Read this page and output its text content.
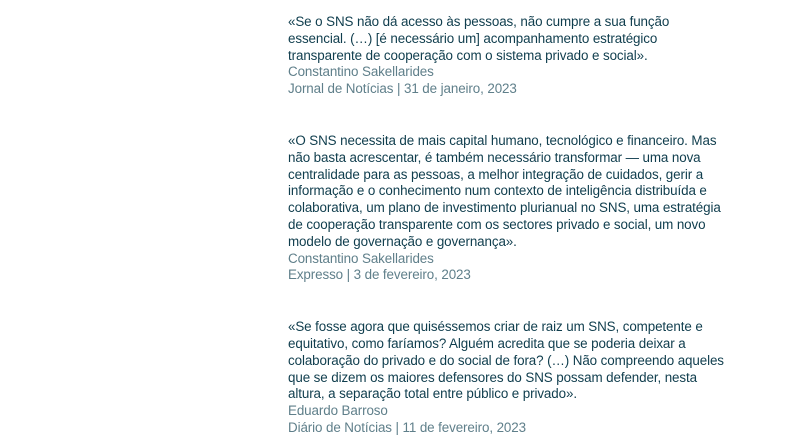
«Se o SNS não dá acesso às pessoas, não cumpre a sua função essencial. (…) [é necessário um] acompanhamento estratégico transparente de cooperação com o sistema privado e social».

Constantino Sakellarides

Jornal de Notícias | 31 de janeiro, 2023

«O SNS necessita de mais capital humano, tecnológico e financeiro. Mas não basta acrescentar, é também necessário transformar — uma nova centralidade para as pessoas, a melhor integração de cuidados, gerir a informação e o conhecimento num contexto de inteligência distribuída e colaborativa, um plano de investimento plurianual no SNS, uma estratégia de cooperação transparente com os sectores privado e social, um novo modelo de governação e governança».

Constantino Sakellarides

Expresso | 3 de fevereiro, 2023

«Se fosse agora que quiséssemos criar de raiz um SNS, competente e equitativo, como faríamos? Alguém acredita que se poderia deixar a colaboração do privado e do social de fora? (…) Não compreendo aqueles que se dizem os maiores defensores do SNS possam defender, nesta altura, a separação total entre público e privado».

Eduardo Barroso

Diário de Notícias | 11 de fevereiro, 2023
